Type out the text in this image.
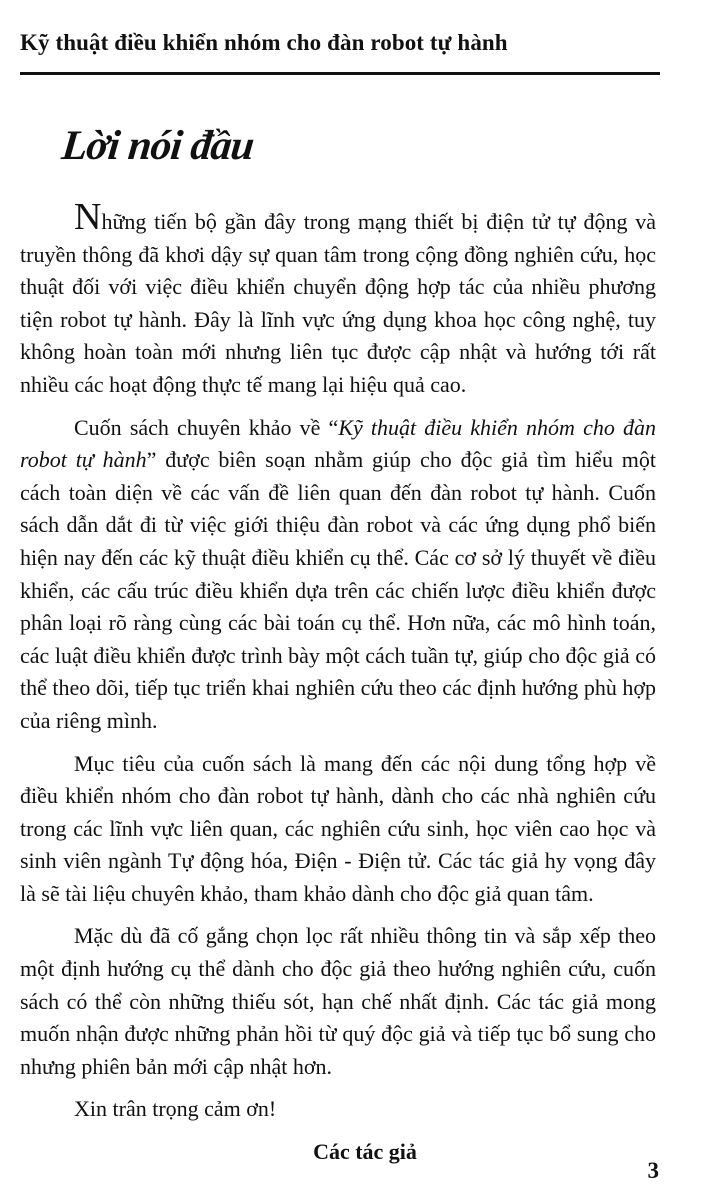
Kỹ thuật điều khiển nhóm cho đàn robot tự hành
Lời nói đầu

Những tiến bộ gần đây trong mạng thiết bị điện tử tự động và truyền thông đã khơi dậy sự quan tâm trong cộng đồng nghiên cứu, học thuật đối với việc điều khiển chuyển động hợp tác của nhiều phương tiện robot tự hành. Đây là lĩnh vực ứng dụng khoa học công nghệ, tuy không hoàn toàn mới nhưng liên tục được cập nhật và hướng tới rất nhiều các hoạt động thực tế mang lại hiệu quả cao.

Cuốn sách chuyên khảo về “Kỹ thuật điều khiển nhóm cho đàn robot tự hành” được biên soạn nhằm giúp cho độc giả tìm hiểu một cách toàn diện về các vấn đề liên quan đến đàn robot tự hành. Cuốn sách dẫn dắt đi từ việc giới thiệu đàn robot và các ứng dụng phổ biến hiện nay đến các kỹ thuật điều khiển cụ thể. Các cơ sở lý thuyết về điều khiển, các cấu trúc điều khiển dựa trên các chiến lược điều khiển được phân loại rõ ràng cùng các bài toán cụ thể. Hơn nữa, các mô hình toán, các luật điều khiển được trình bày một cách tuần tự, giúp cho độc giả có thể theo dõi, tiếp tục triển khai nghiên cứu theo các định hướng phù hợp của riêng mình.

Mục tiêu của cuốn sách là mang đến các nội dung tổng hợp về điều khiển nhóm cho đàn robot tự hành, dành cho các nhà nghiên cứu trong các lĩnh vực liên quan, các nghiên cứu sinh, học viên cao học và sinh viên ngành Tự động hóa, Điện - Điện tử. Các tác giả hy vọng đây là sẽ tài liệu chuyên khảo, tham khảo dành cho độc giả quan tâm.

Mặc dù đã cố gắng chọn lọc rất nhiều thông tin và sắp xếp theo một định hướng cụ thể dành cho độc giả theo hướng nghiên cứu, cuốn sách có thể còn những thiếu sót, hạn chế nhất định. Các tác giả mong muốn nhận được những phản hồi từ quý độc giả và tiếp tục bổ sung cho nhưng phiên bản mới cập nhật hơn.

Xin trân trọng cảm ơn!

Các tác giả

3
